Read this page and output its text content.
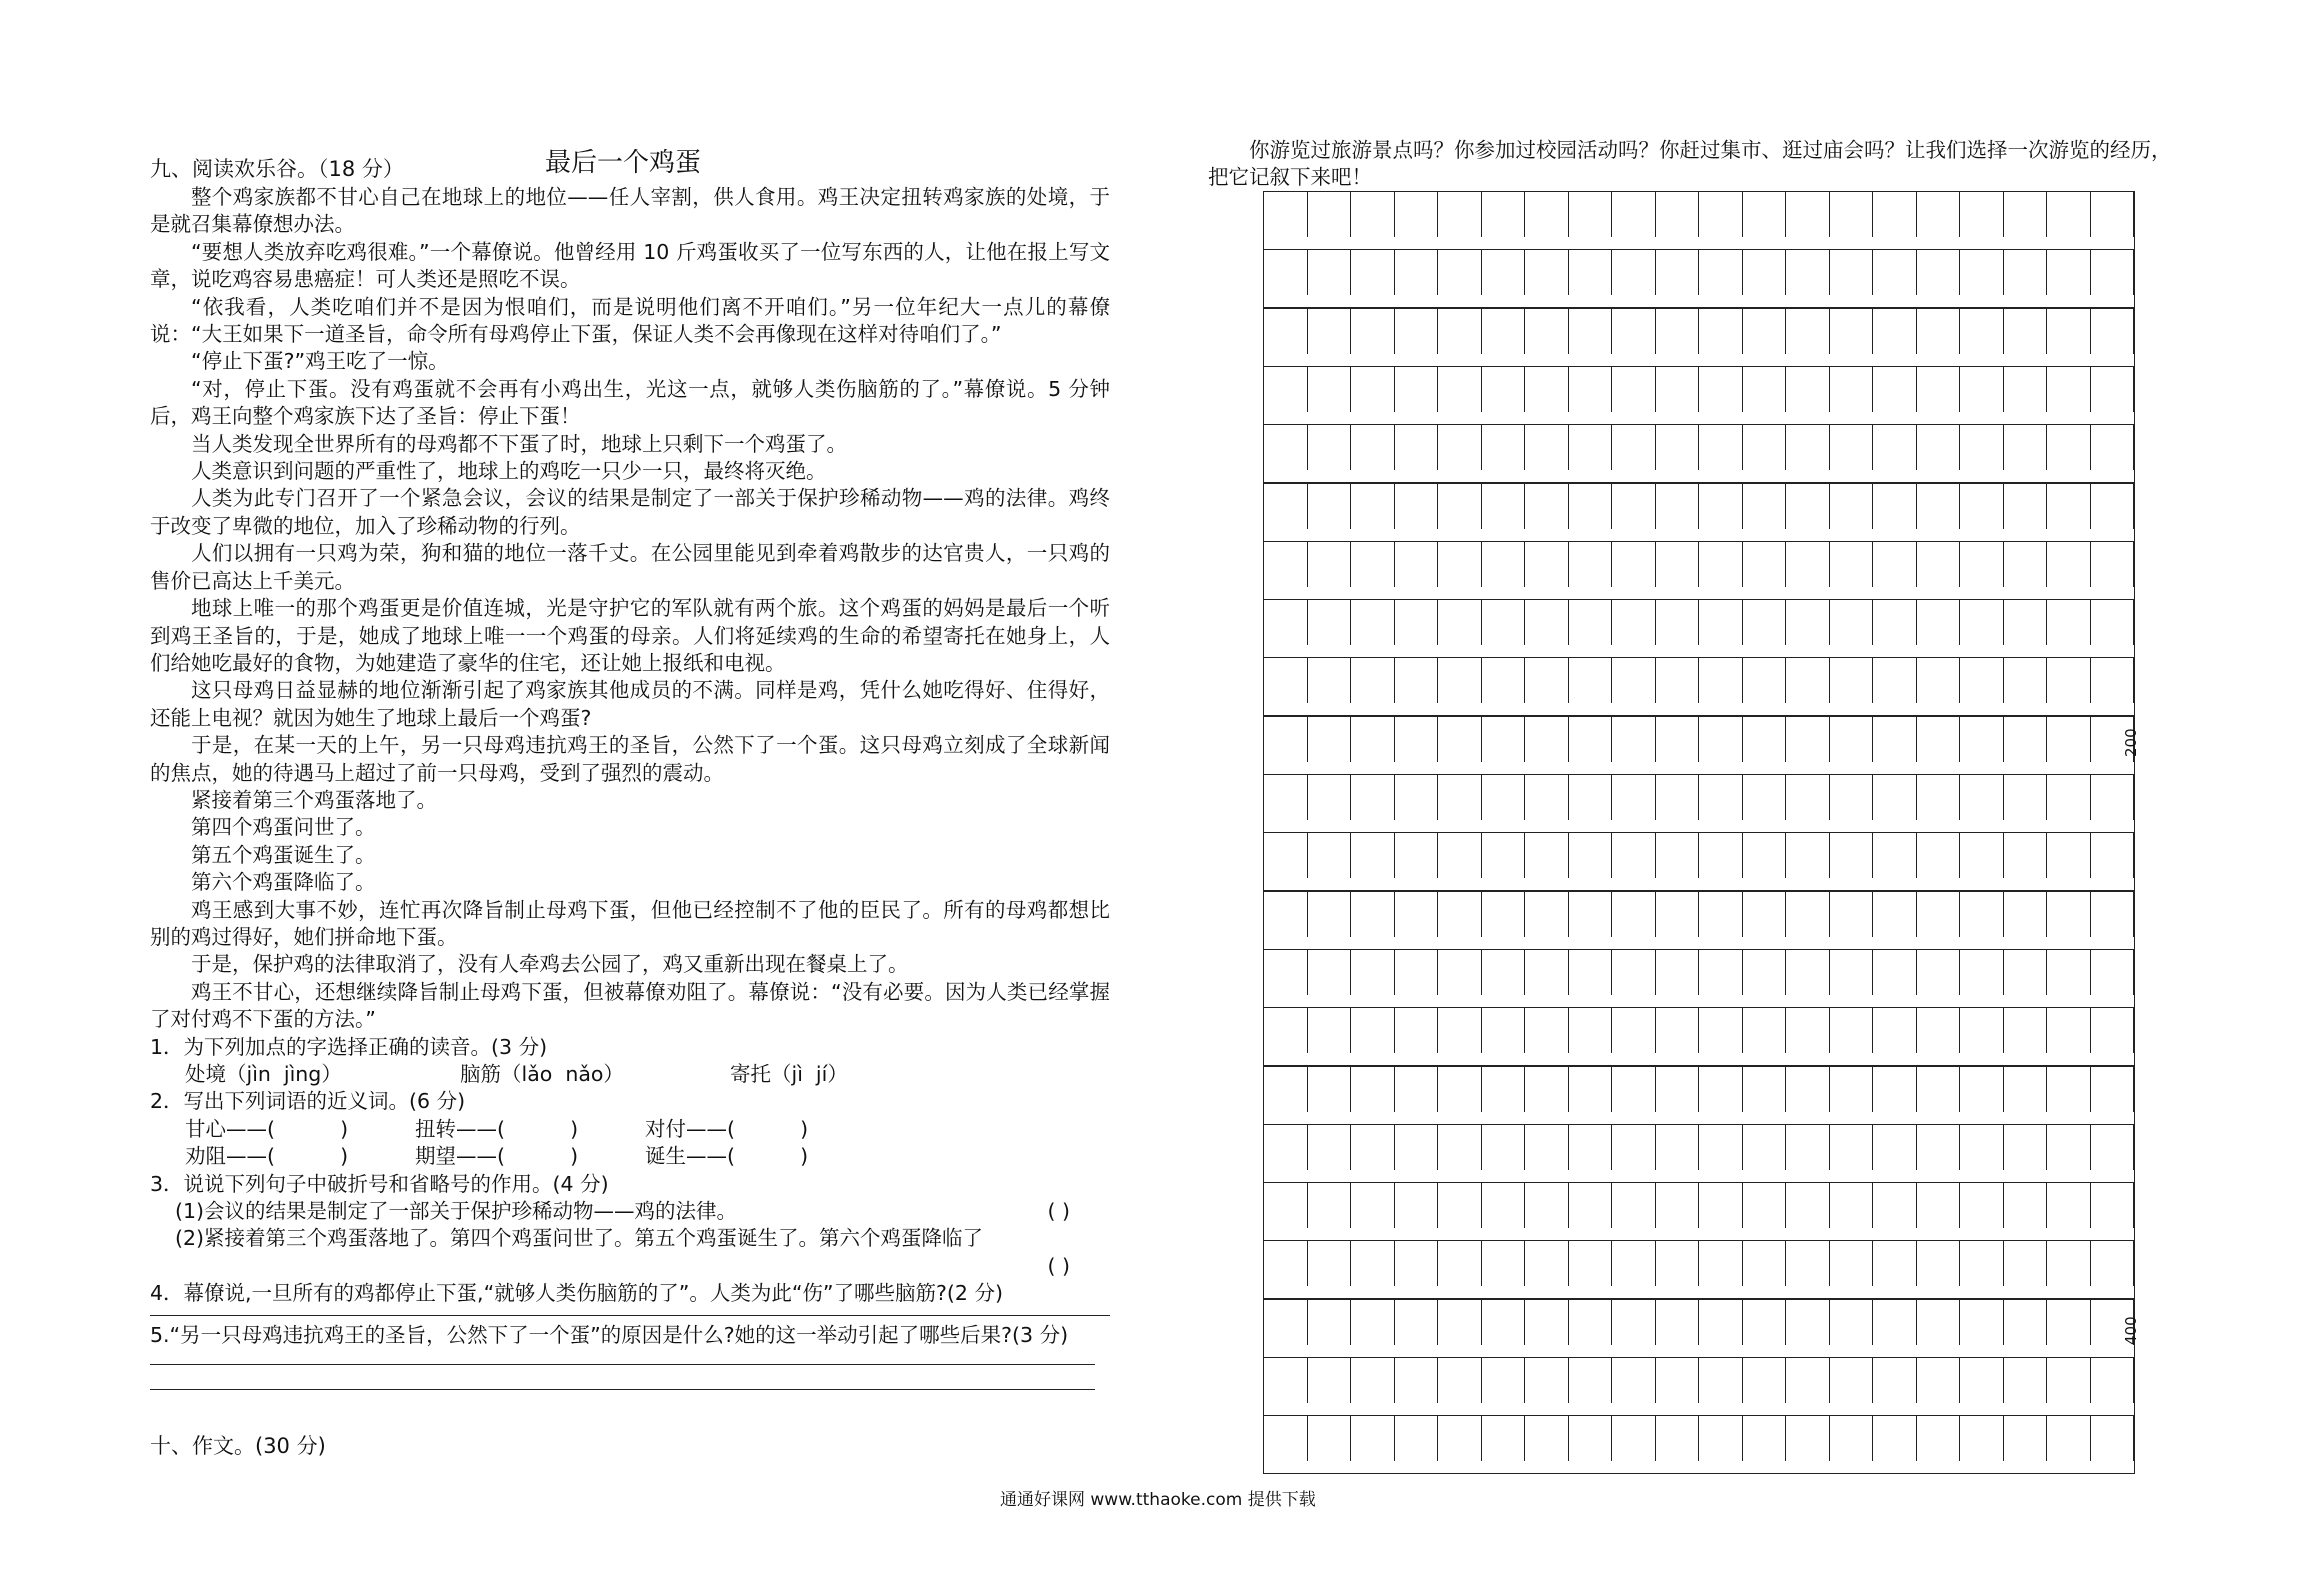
九、阅读欢乐谷。（18 分）	最后一个鸡蛋

整个鸡家族都不甘心自己在地球上的地位——任人宰割，供人食用。鸡王决定扭转鸡家族的处境，于是就召集幕僚想办法。

“要想人类放弃吃鸡很难。”一个幕僚说。他曾经用 10 斤鸡蛋收买了一位写东西的人，让他在报上写文章，说吃鸡容易患癌症！可人类还是照吃不误。

“依我看，人类吃咱们并不是因为恨咱们，而是说明他们离不开咱们。”另一位年纪大一点儿的幕僚说：“大王如果下一道圣旨，命令所有母鸡停止下蛋，保证人类不会再像现在这样对待咱们了。”

“停止下蛋?”鸡王吃了一惊。

“对，停止下蛋。没有鸡蛋就不会再有小鸡出生，光这一点，就够人类伤脑筋的了。”幕僚说。5 分钟后，鸡王向整个鸡家族下达了圣旨：停止下蛋！

当人类发现全世界所有的母鸡都不下蛋了时，地球上只剩下一个鸡蛋了。

人类意识到问题的严重性了，地球上的鸡吃一只少一只，最终将灭绝。

人类为此专门召开了一个紧急会议，会议的结果是制定了一部关于保护珍稀动物——鸡的法律。鸡终于改变了卑微的地位，加入了珍稀动物的行列。

人们以拥有一只鸡为荣，狗和猫的地位一落千丈。在公园里能见到牵着鸡散步的达官贵人，一只鸡的售价已高达上千美元。

地球上唯一的那个鸡蛋更是价值连城，光是守护它的军队就有两个旅。这个鸡蛋的妈妈是最后一个听到鸡王圣旨的，于是，她成了地球上唯一一个鸡蛋的母亲。人们将延续鸡的生命的希望寄托在她身上，人们给她吃最好的食物，为她建造了豪华的住宅，还让她上报纸和电视。

这只母鸡日益显赫的地位渐渐引起了鸡家族其他成员的不满。同样是鸡，凭什么她吃得好、住得好，还能上电视？就因为她生了地球上最后一个鸡蛋?

于是，在某一天的上午，另一只母鸡违抗鸡王的圣旨，公然下了一个蛋。这只母鸡立刻成了全球新闻的焦点，她的待遇马上超过了前一只母鸡，受到了强烈的震动。

紧接着第三个鸡蛋落地了。

第四个鸡蛋问世了。

第五个鸡蛋诞生了。

第六个鸡蛋降临了。

鸡王感到大事不妙，连忙再次降旨制止母鸡下蛋，但他已经控制不了他的臣民了。所有的母鸡都想比别的鸡过得好，她们拼命地下蛋。

于是，保护鸡的法律取消了，没有人牵鸡去公园了，鸡又重新出现在餐桌上了。

鸡王不甘心，还想继续降旨制止母鸡下蛋，但被幕僚劝阻了。幕僚说：“没有必要。因为人类已经掌握了对付鸡不下蛋的方法。”

1．为下列加点的字选择正确的读音。(3 分)

处境（jìn  jìng）	脑筋（lǎo  nǎo）	寄托（jì  jí）

2．写出下列词语的近义词。(6 分)

甘心——(          )	扭转——(          )	对付——(          )
劝阻——(          )	期望——(          )	诞生——(          )

3．说说下列句子中破折号和省略号的作用。(4 分)

(1)会议的结果是制定了一部关于保护珍稀动物——鸡的法律。	( )
(2)紧接着第三个鸡蛋落地了。第四个鸡蛋问世了。第五个鸡蛋诞生了。第六个鸡蛋降临了
( )

4．幕僚说,一旦所有的鸡都停止下蛋,“就够人类伤脑筋的了”。人类为此“伤”了哪些脑筋?(2 分)

5.“另一只母鸡违抗鸡王的圣旨，公然下了一个蛋”的原因是什么?她的这一举动引起了哪些后果?(3 分)

十、作文。(30 分)
你游览过旅游景点吗？你参加过校园活动吗？你赶过集市、逛过庙会吗？让我们选择一次游览的经历，把它记叙下来吧！
200
400
通通好课网 www.tthaoke.com 提供下载
